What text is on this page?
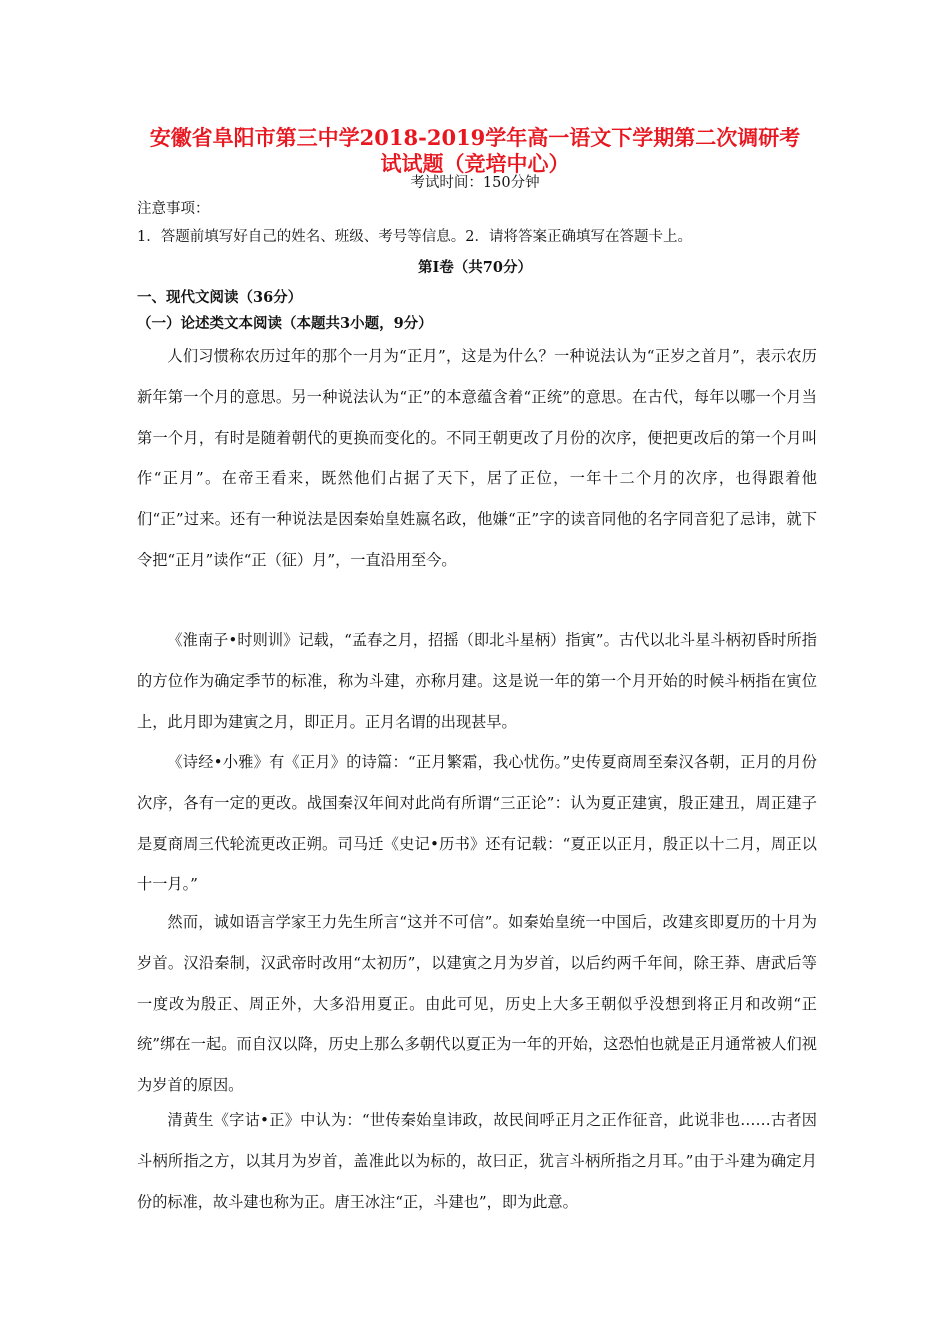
安徽省阜阳市第三中学2018-2019学年高一语文下学期第二次调研考
试试题（竞培中心）
考试时间：150分钟
注意事项：
1．答题前填写好自己的姓名、班级、考号等信息。2．请将答案正确填写在答题卡上。
第I卷（共70分）
一、现代文阅读（36分）
（一）论述类文本阅读（本题共3小题，9分）

人们习惯称农历过年的那个一月为“正月”，这是为什么？一种说法认为“正岁之首月”，表示农历新年第一个月的意思。另一种说法认为“正”的本意蕴含着“正统”的意思。在古代，每年以哪一个月当第一个月，有时是随着朝代的更换而变化的。不同王朝更改了月份的次序，便把更改后的第一个月叫作“正月”。在帝王看来，既然他们占据了天下，居了正位，一年十二个月的次序，也得跟着他们“正”过来。还有一种说法是因秦始皇姓嬴名政，他嫌“正”字的读音同他的名字同音犯了忌讳，就下令把“正月”读作“正（征）月”，一直沿用至今。

《淮南子•时则训》记载，“孟春之月，招摇（即北斗星柄）指寅”。古代以北斗星斗柄初昏时所指的方位作为确定季节的标准，称为斗建，亦称月建。这是说一年的第一个月开始的时候斗柄指在寅位上，此月即为建寅之月，即正月。正月名谓的出现甚早。

《诗经•小雅》有《正月》的诗篇：“正月繁霜，我心忧伤。”史传夏商周至秦汉各朝，正月的月份次序，各有一定的更改。战国秦汉年间对此尚有所谓“三正论”：认为夏正建寅，殷正建丑，周正建子是夏商周三代轮流更改正朔。司马迁《史记•历书》还有记载：“夏正以正月，殷正以十二月，周正以十一月。”

然而，诚如语言学家王力先生所言“这并不可信”。如秦始皇统一中国后，改建亥即夏历的十月为岁首。汉沿秦制，汉武帝时改用“太初历”，以建寅之月为岁首，以后约两千年间，除王莽、唐武后等一度改为殷正、周正外，大多沿用夏正。由此可见，历史上大多王朝似乎没想到将正月和改朔“正统”绑在一起。而自汉以降，历史上那么多朝代以夏正为一年的开始，这恐怕也就是正月通常被人们视为岁首的原因。

清黄生《字诂•正》中认为：“世传秦始皇讳政，故民间呼正月之正作征音，此说非也……古者因斗柄所指之方，以其月为岁首，盖准此以为标的，故曰正，犹言斗柄所指之月耳。”由于斗建为确定月份的标准，故斗建也称为正。唐王冰注“正，斗建也”，即为此意。
